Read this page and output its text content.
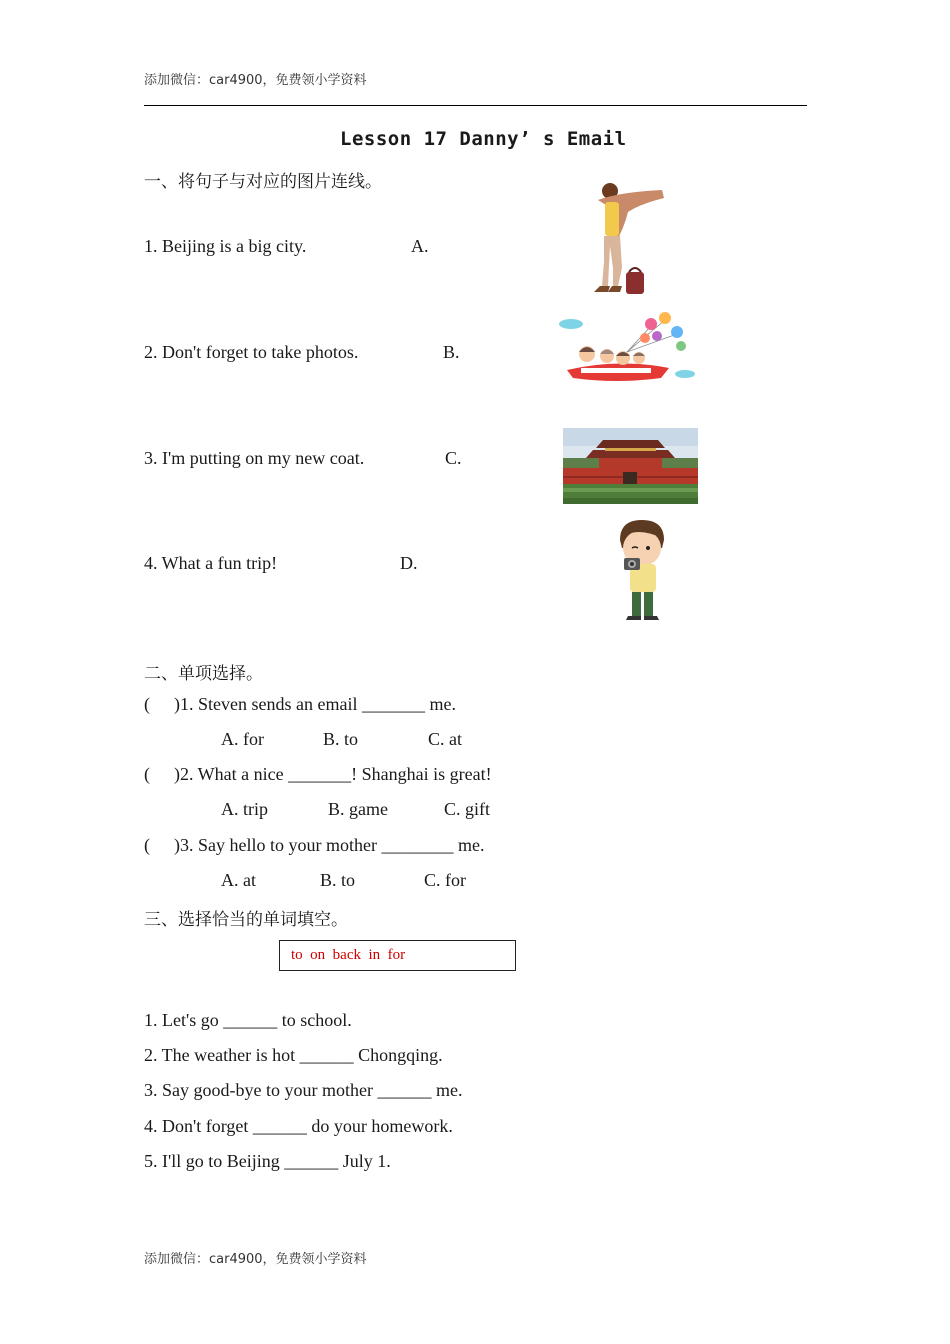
添加微信：car4900，免费领小学资料
Lesson 17 Danny’ s Email
一、将句子与对应的图片连线。
1. Beijing is a big city.	A.
2. Don't forget to take photos.	B.
3. I'm putting on my new coat.	C.
4. What a fun trip!	D.
二、单项选择。
( )1. Steven sends an email _______ me.
A. for	B. to	C. at
( )2. What a nice _______! Shanghai is great!
A. trip	B. game	C. gift
( )3. Say hello to your mother ________ me.
A. at	B. to	C. for
三、选择恰当的单词填空。
to  on  back  in  for
1. Let's go ______ to school.
2. The weather is hot ______ Chongqing.
3. Say good-bye to your mother ______ me.
4. Don't forget ______ do your homework.
5. I'll go to Beijing ______ July 1.
添加微信：car4900，免费领小学资料
